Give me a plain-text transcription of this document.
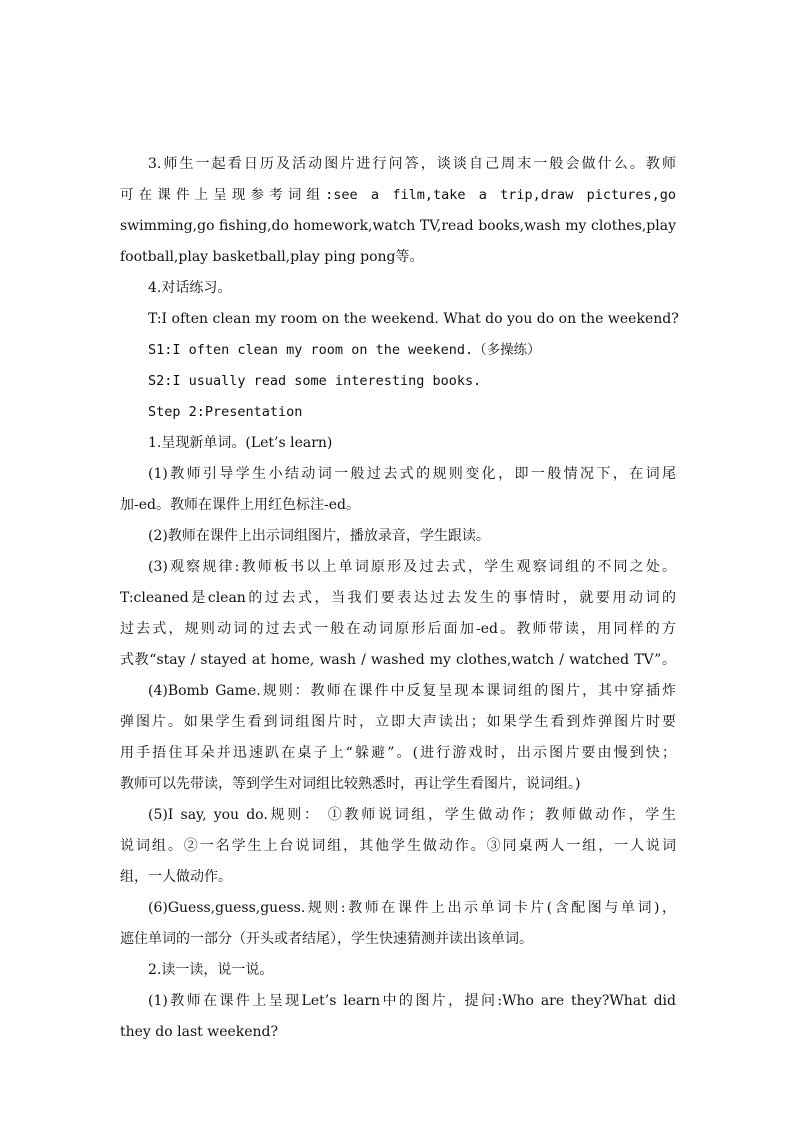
3.师生一起看日历及活动图片进行问答，谈谈自己周末一般会做什么。教师
可在课件上呈现参考词组:see a film,take a trip,draw pictures,go
swimming,go fishing,do homework,watch TV,read books,wash my clothes,play
football,play basketball,play ping pong等。
4.对话练习。
T:I often clean my room on the weekend. What do you do on the weekend?
S1:I often clean my room on the weekend.（多操练）
S2:I usually read some interesting books.
Step 2:Presentation
1.呈现新单词。(Let’s learn)
(1)教师引导学生小结动词一般过去式的规则变化，即一般情况下，在词尾
加-ed。教师在课件上用红色标注-ed。
(2)教师在课件上出示词组图片，播放录音，学生跟读。
(3)观察规律:教师板书以上单词原形及过去式，学生观察词组的不同之处。
T:cleaned是clean的过去式，当我们要表达过去发生的事情时，就要用动词的
过去式，规则动词的过去式一般在动词原形后面加-ed。教师带读，用同样的方
式教“stay / stayed at home, wash / washed my clothes,watch / watched TV”。
(4)Bomb Game.规则：教师在课件中反复呈现本课词组的图片，其中穿插炸
弹图片。如果学生看到词组图片时，立即大声读出；如果学生看到炸弹图片时要
用手捂住耳朵并迅速趴在桌子上“躲避”。(进行游戏时，出示图片要由慢到快；
教师可以先带读，等到学生对词组比较熟悉时，再让学生看图片，说词组。)
(5)I say, you do.规则： ①教师说词组，学生做动作；教师做动作，学生
说词组。②一名学生上台说词组，其他学生做动作。③同桌两人一组，一人说词
组，一人做动作。
(6)Guess,guess,guess.规则:教师在课件上出示单词卡片(含配图与单词)，
遮住单词的一部分（开头或者结尾），学生快速猜测并读出该单词。
2.读一读，说一说。
(1)教师在课件上呈现Let’s learn中的图片，提问:Who are they?What did
they do last weekend?
